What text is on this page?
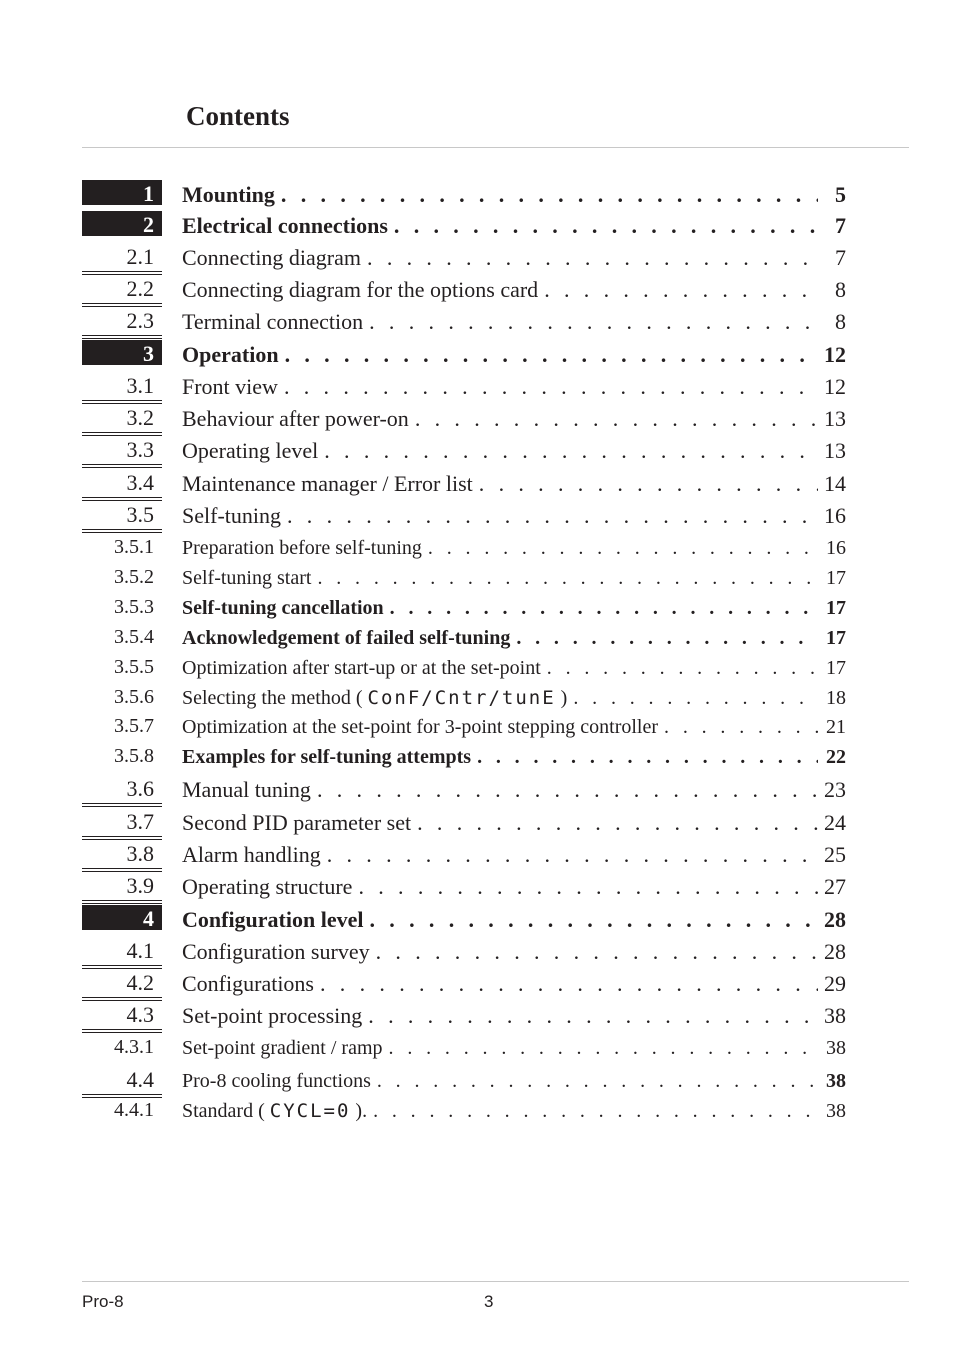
Contents
1	Mounting . . .	5
2	Electrical connections . . .	7
2.1	Connecting diagram . . .	7
2.2	Connecting diagram for the options card . . .	8
2.3	Terminal connection . . .	8
3	Operation . . .	12
3.1	Front view . . .	12
3.2	Behaviour after power-on . . .	13
3.3	Operating level . . .	13
3.4	Maintenance manager / Error list . . .	14
3.5	Self-tuning . . .	16
3.5.1	Preparation before self-tuning . . .	16
3.5.2	Self-tuning start . . .	17
3.5.3	Self-tuning cancellation . . .	17
3.5.4	Acknowledgement of failed self-tuning . . .	17
3.5.5	Optimization after start-up or at the set-point . . .	17
3.5.6	Selecting the method ( ConF/Cntr/tunE ) . . .	18
3.5.7	Optimization at the set-point for 3-point stepping controller . . .	21
3.5.8	Examples for self-tuning attempts . . .	22
3.6	Manual tuning . . .	23
3.7	Second PID parameter set . . .	24
3.8	Alarm handling . . .	25
3.9	Operating structure . . .	27
4	Configuration level . . .	28
4.1	Configuration survey . . .	28
4.2	Configurations . . .	29
4.3	Set-point processing . . .	38
4.3.1	Set-point gradient / ramp . . .	38
4.4	Pro-8 cooling functions . . .	38
4.4.1	Standard ( CYCL=0 ). . . .	38
Pro-8	3
